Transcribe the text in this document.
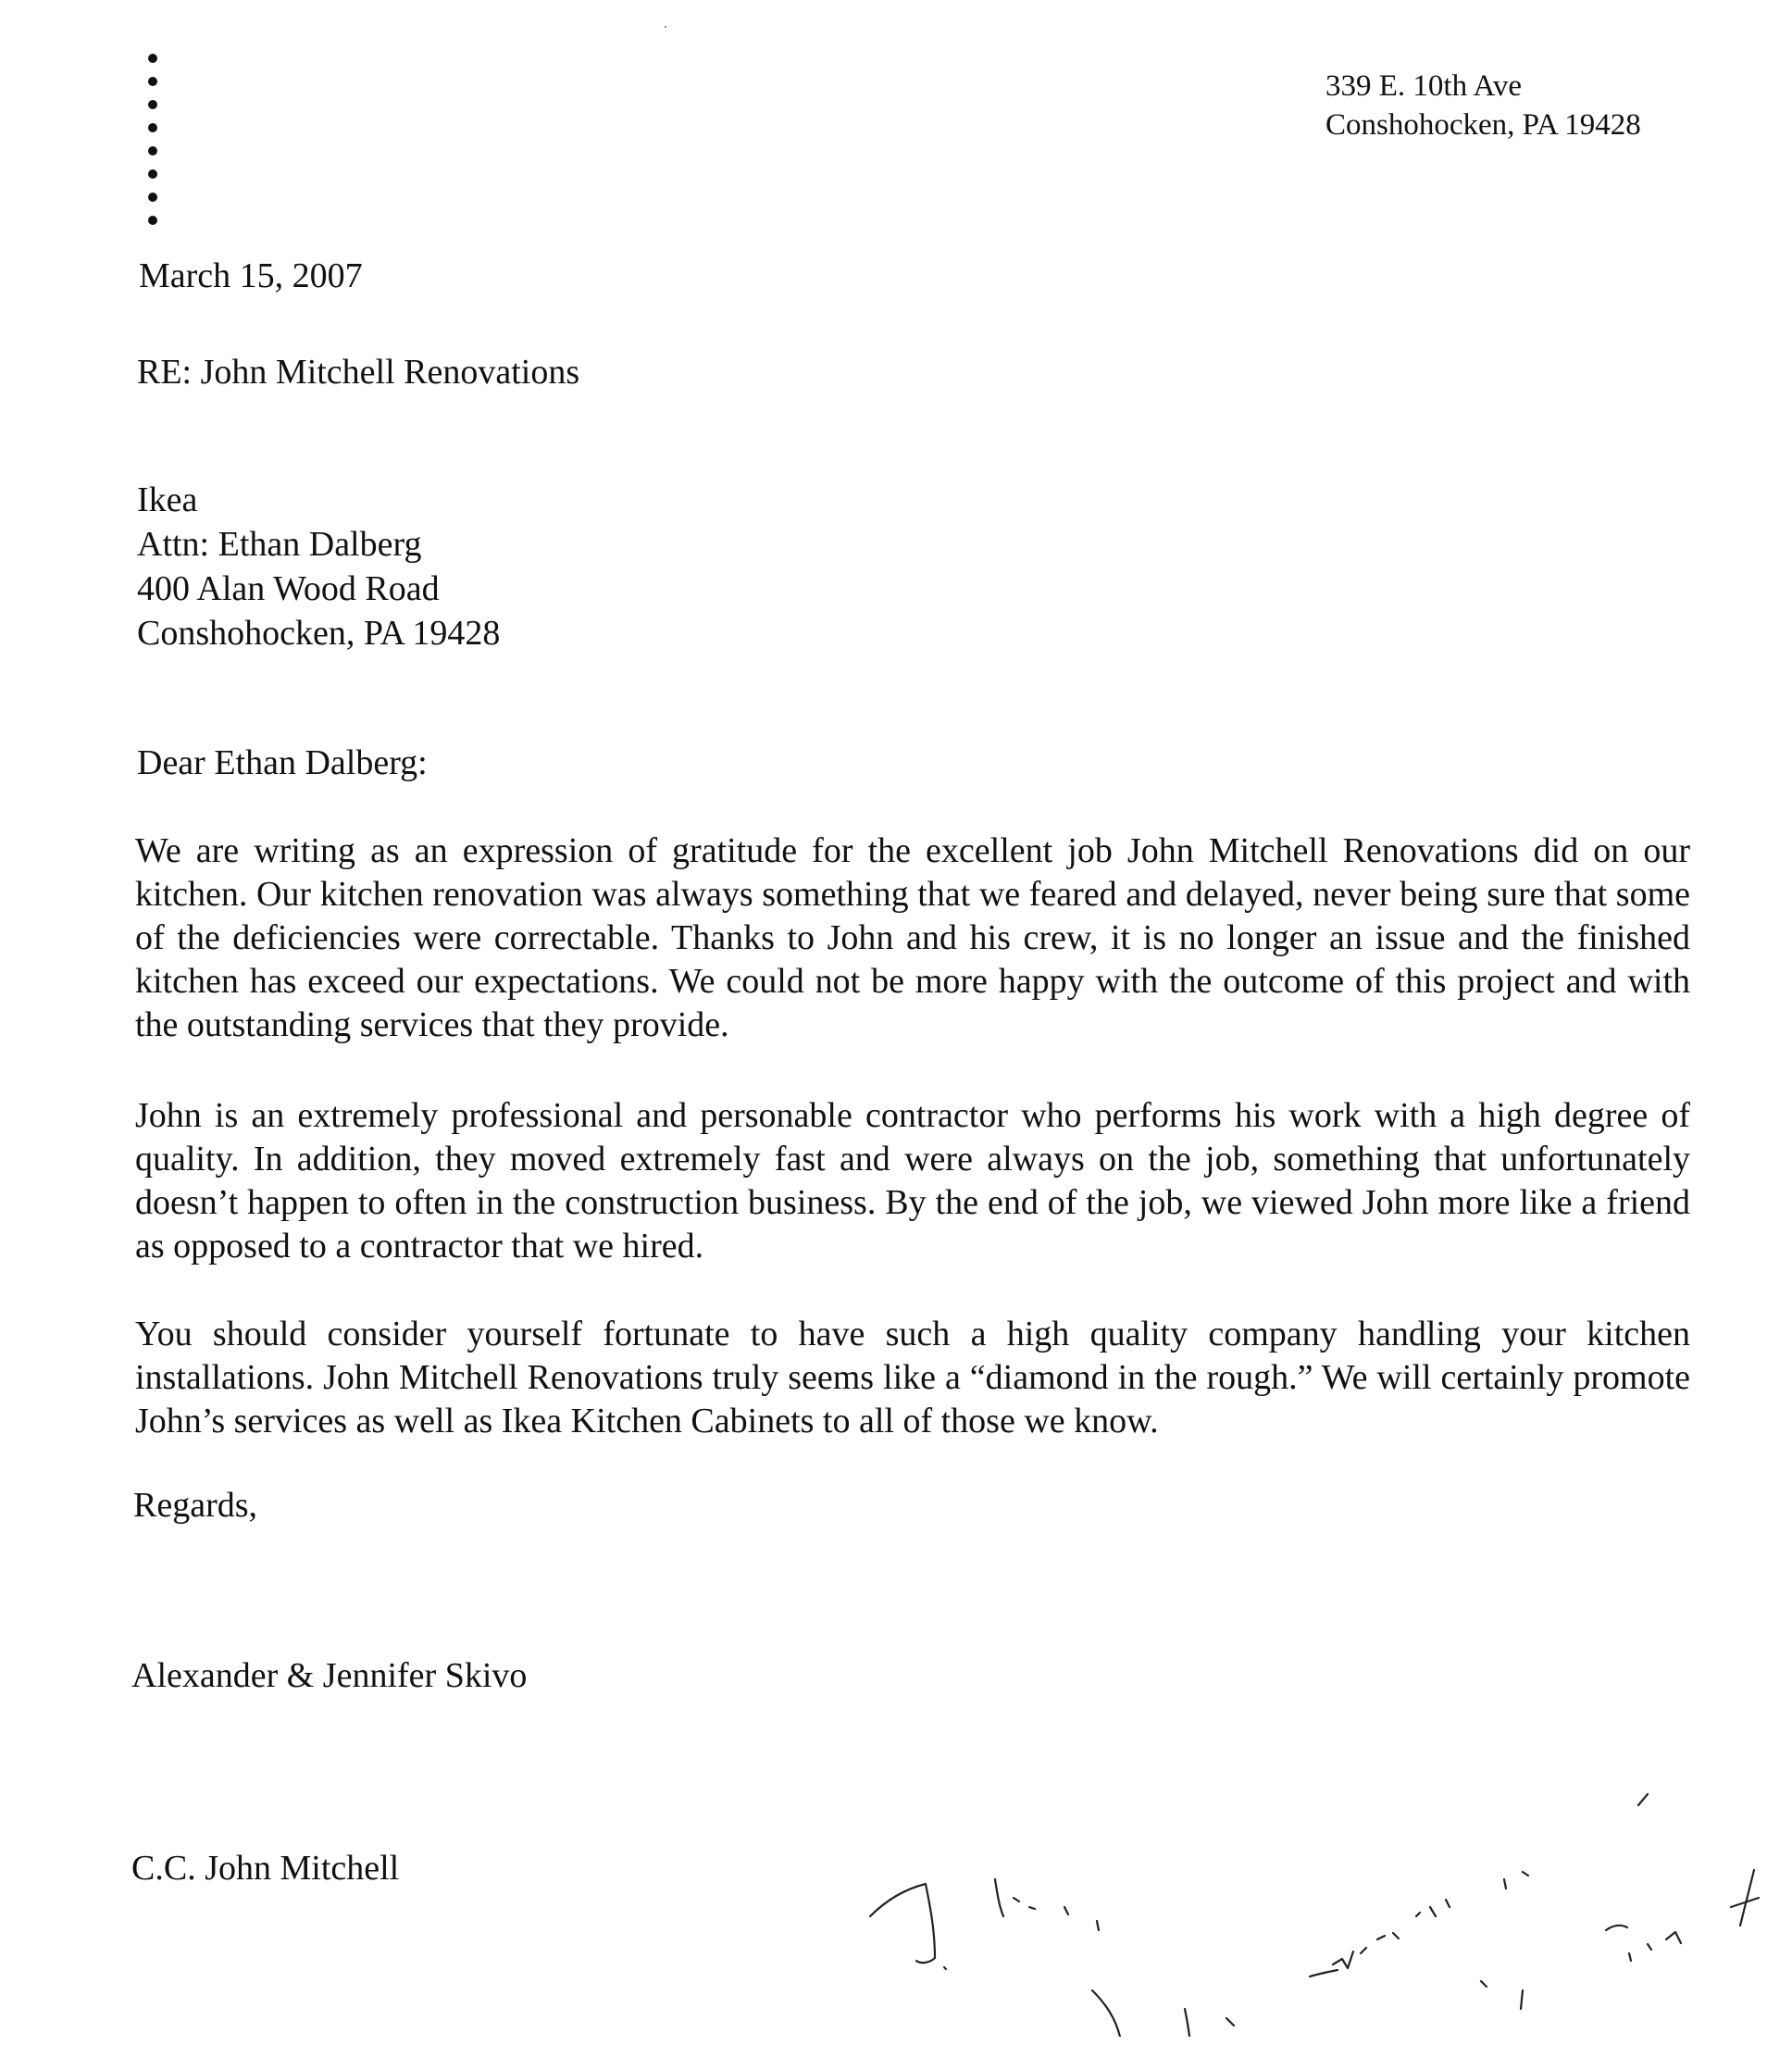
339 E. 10th Ave
Conshohocken, PA 19428
March 15, 2007
RE: John Mitchell Renovations
Ikea
Attn: Ethan Dalberg
400 Alan Wood Road
Conshohocken, PA 19428
Dear Ethan Dalberg:
We are writing as an expression of gratitude for the excellent job John Mitchell Renovations did on our kitchen. Our kitchen renovation was always something that we feared and delayed, never being sure that some of the deficiencies were correctable. Thanks to John and his crew, it is no longer an issue and the finished kitchen has exceed our expectations. We could not be more happy with the outcome of this project and with the outstanding services that they provide.
John is an extremely professional and personable contractor who performs his work with a high degree of quality. In addition, they moved extremely fast and were always on the job, something that unfortunately doesn’t happen to often in the construction business. By the end of the job, we viewed John more like a friend as opposed to a contractor that we hired.
You should consider yourself fortunate to have such a high quality company handling your kitchen installations. John Mitchell Renovations truly seems like a “diamond in the rough.” We will certainly promote John’s services as well as Ikea Kitchen Cabinets to all of those we know.
Regards,
Alexander & Jennifer Skivo
C.C. John Mitchell
